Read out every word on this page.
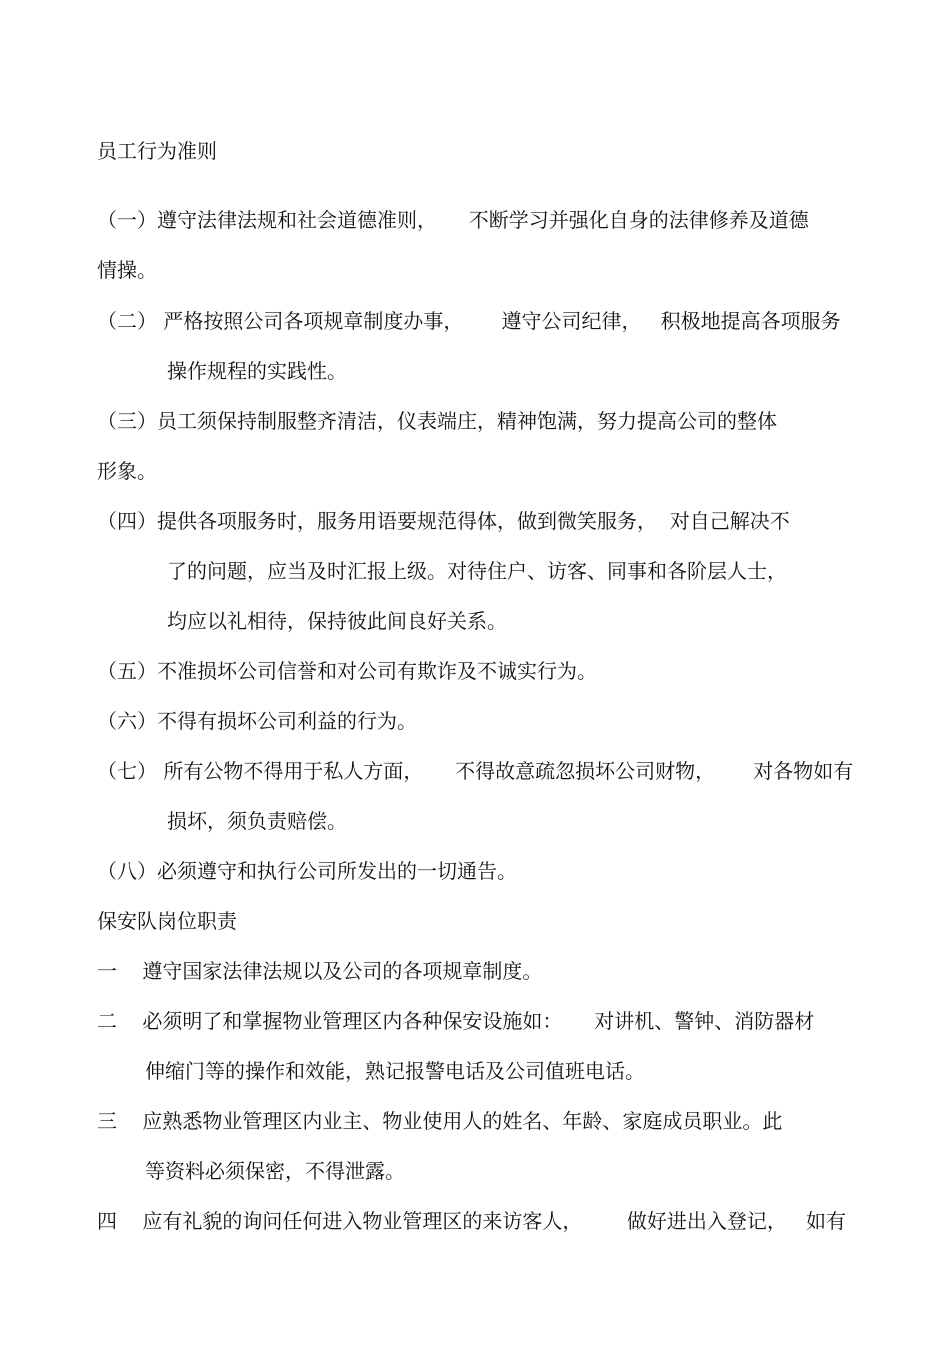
员工行为准则
（一）遵守法律法规和社会道德准则，     不断学习并强化自身的法律修养及道德
情操。
（二） 严格按照公司各项规章制度办事，      遵守公司纪律，   积极地提高各项服务
操作规程的实践性。
（三）员工须保持制服整齐清洁，仪表端庄，精神饱满，努力提高公司的整体
形象。
（四）提供各项服务时，服务用语要规范得体，做到微笑服务，  对自己解决不
了的问题，应当及时汇报上级。对待住户、访客、同事和各阶层人士，
均应以礼相待，保持彼此间良好关系。
（五）不准损坏公司信誉和对公司有欺诈及不诚实行为。
（六）不得有损坏公司利益的行为。
（七） 所有公物不得用于私人方面，     不得故意疏忽损坏公司财物，      对各物如有
损坏，须负责赔偿。
（八）必须遵守和执行公司所发出的一切通告。
保安队岗位职责
一    遵守国家法律法规以及公司的各项规章制度。
二    必须明了和掌握物业管理区内各种保安设施如：     对讲机、警钟、消防器材
伸缩门等的操作和效能，熟记报警电话及公司值班电话。
三    应熟悉物业管理区内业主、物业使用人的姓名、年龄、家庭成员职业。此
等资料必须保密，不得泄露。
四    应有礼貌的询问任何进入物业管理区的来访客人，       做好进出入登记，   如有
